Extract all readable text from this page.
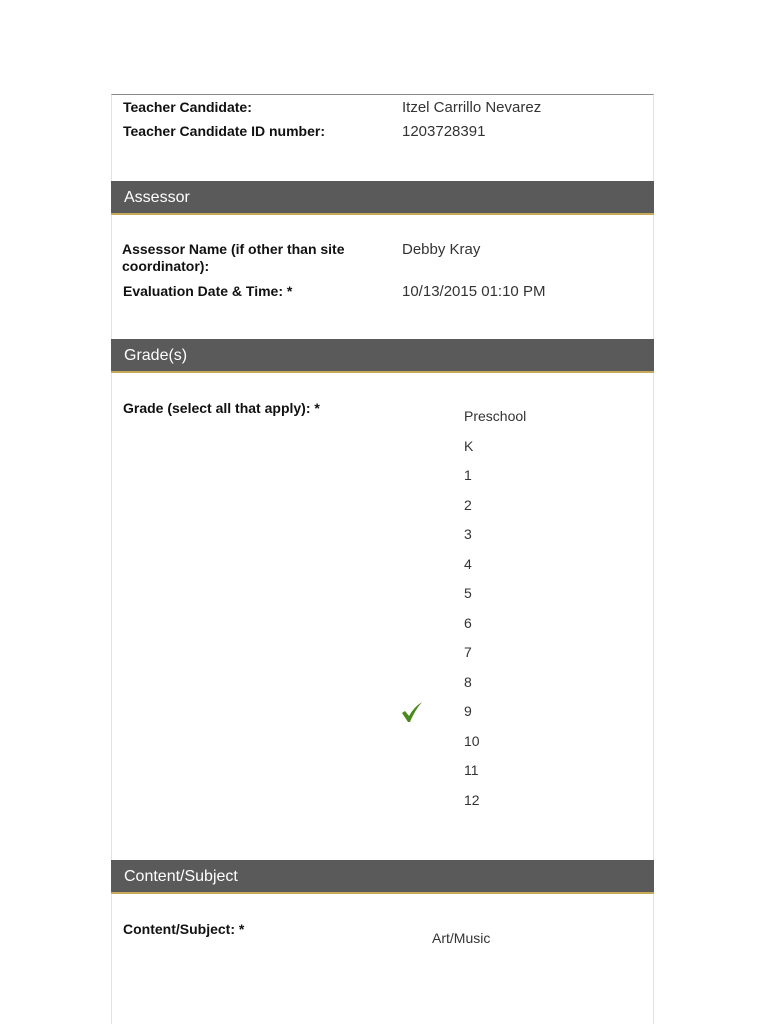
Teacher Candidate:	Itzel Carrillo Nevarez
Teacher Candidate ID number:	1203728391
Assessor
Assessor Name (if other than site coordinator):
Debby Kray
Evaluation Date & Time: *	10/13/2015 01:10 PM
Grade(s)
Grade (select all that apply): *	Preschool
K
1
2
3
4
5
6
7
8
9
10
11
12
Content/Subject
Content/Subject: *
Art/Music
